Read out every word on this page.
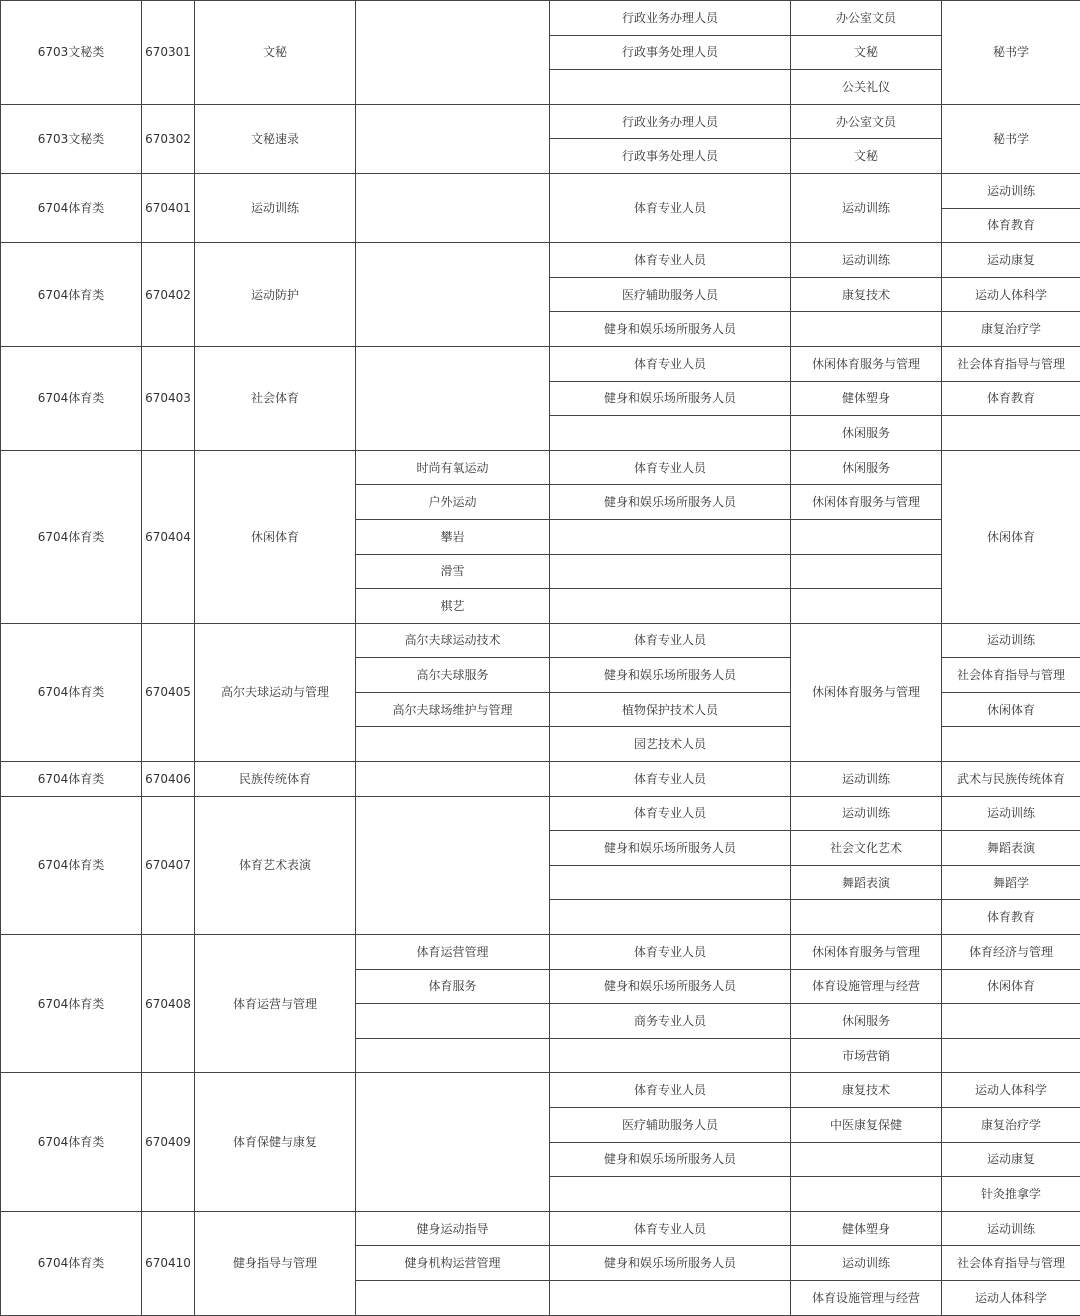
6703文秘类	670301	文秘		行政业务办理人员	办公室文员	秘书学
				行政事务处理人员	文秘	
					公关礼仪	
6703文秘类	670302	文秘速录		行政业务办理人员	办公室文员	秘书学
				行政事务处理人员	文秘	
6704体育类	670401	运动训练		体育专业人员	运动训练	运动训练
						体育教育
6704体育类	670402	运动防护		体育专业人员	运动训练	运动康复
				医疗辅助服务人员	康复技术	运动人体科学
				健身和娱乐场所服务人员		康复治疗学
6704体育类	670403	社会体育		体育专业人员	休闲体育服务与管理	社会体育指导与管理
				健身和娱乐场所服务人员	健体塑身	体育教育
					休闲服务	
6704体育类	670404	休闲体育	时尚有氧运动	体育专业人员	休闲服务	休闲体育
			户外运动	健身和娱乐场所服务人员	休闲体育服务与管理	
			攀岩			
			滑雪			
			棋艺			
6704体育类	670405	高尔夫球运动与管理	高尔夫球运动技术	体育专业人员	休闲体育服务与管理	运动训练
			高尔夫球服务	健身和娱乐场所服务人员		社会体育指导与管理
			高尔夫球场维护与管理	植物保护技术人员		休闲体育
				园艺技术人员		
6704体育类	670406	民族传统体育		体育专业人员	运动训练	武术与民族传统体育
6704体育类	670407	体育艺术表演		体育专业人员	运动训练	运动训练
				健身和娱乐场所服务人员	社会文化艺术	舞蹈表演
					舞蹈表演	舞蹈学
						体育教育
6704体育类	670408	体育运营与管理	体育运营管理	体育专业人员	休闲体育服务与管理	体育经济与管理
			体育服务	健身和娱乐场所服务人员	体育设施管理与经营	休闲体育
				商务专业人员	休闲服务	
					市场营销	
6704体育类	670409	体育保健与康复		体育专业人员	康复技术	运动人体科学
				医疗辅助服务人员	中医康复保健	康复治疗学
				健身和娱乐场所服务人员		运动康复
						针灸推拿学
6704体育类	670410	健身指导与管理	健身运动指导	体育专业人员	健体塑身	运动训练
			健身机构运营管理	健身和娱乐场所服务人员	运动训练	社会体育指导与管理
					体育设施管理与经营	运动人体科学
